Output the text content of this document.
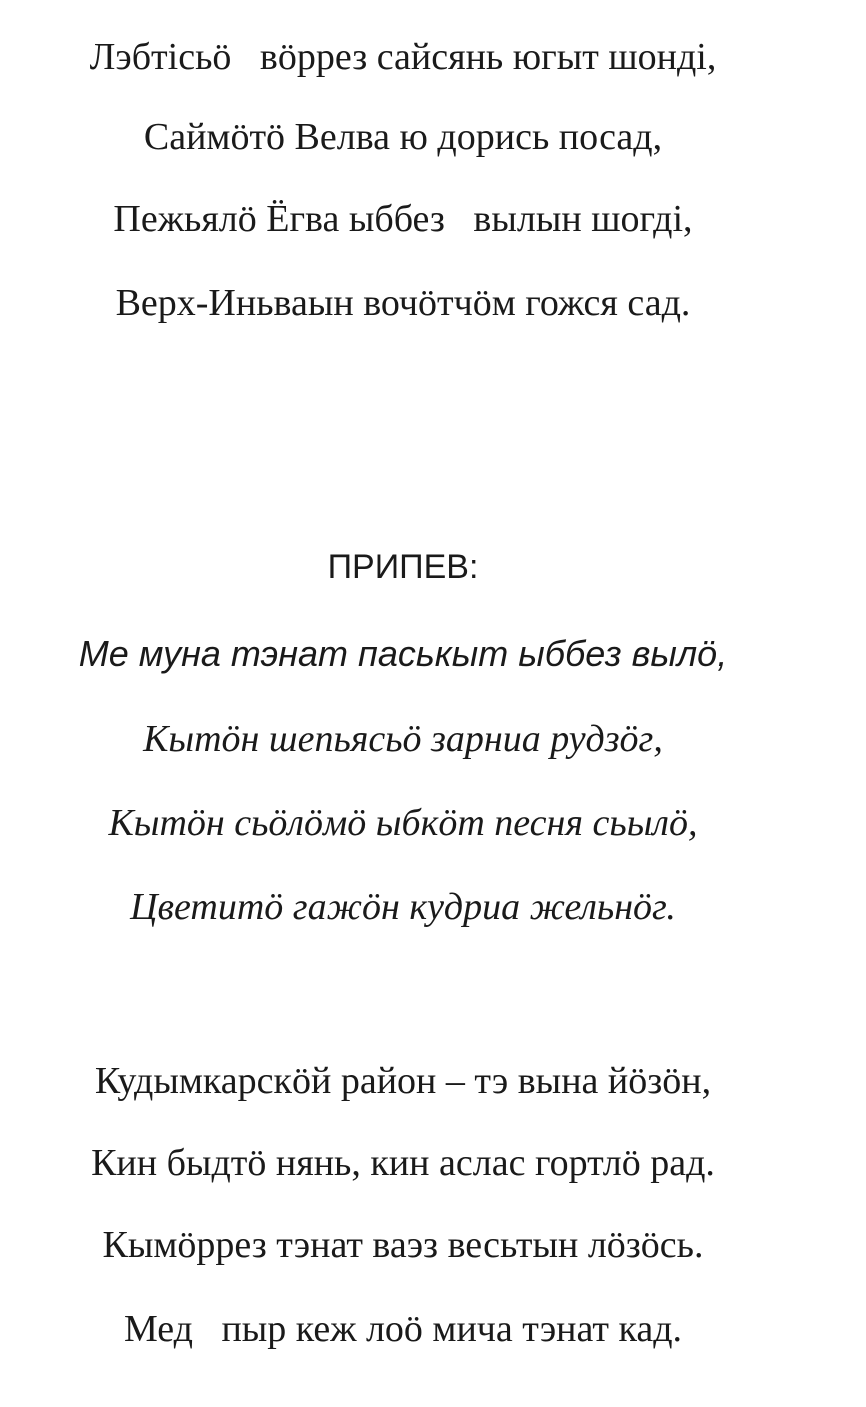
Лэбтiсьӧ   вӧррез сайсянь югыт шондi,
Саймӧтӧ Велва ю дорись посад,
Пежьялӧ Ёгва ыббез   вылын шогдi,
Верх-Иньваын вочӧтчӧм гожся сад.
ПРИПЕВ:
Ме муна тэнат паськыт ыббез вылӧ,
Кытӧн шепьясьӧ зарниа рудзӧг,
Кытӧн сьӧлӧмӧ ыбкӧт песня сьылӧ,
Цветитӧ гажӧн кудриа жельнӧг.
Кудымкарскӧй район – тэ вына йӧзӧн,
Кин быдтӧ нянь, кин аслас гортлӧ рад.
Кымӧррез тэнат ваэз весьтын лӧзӧсь.
Мед   пыр кеж лоӧ мича тэнат кад.
